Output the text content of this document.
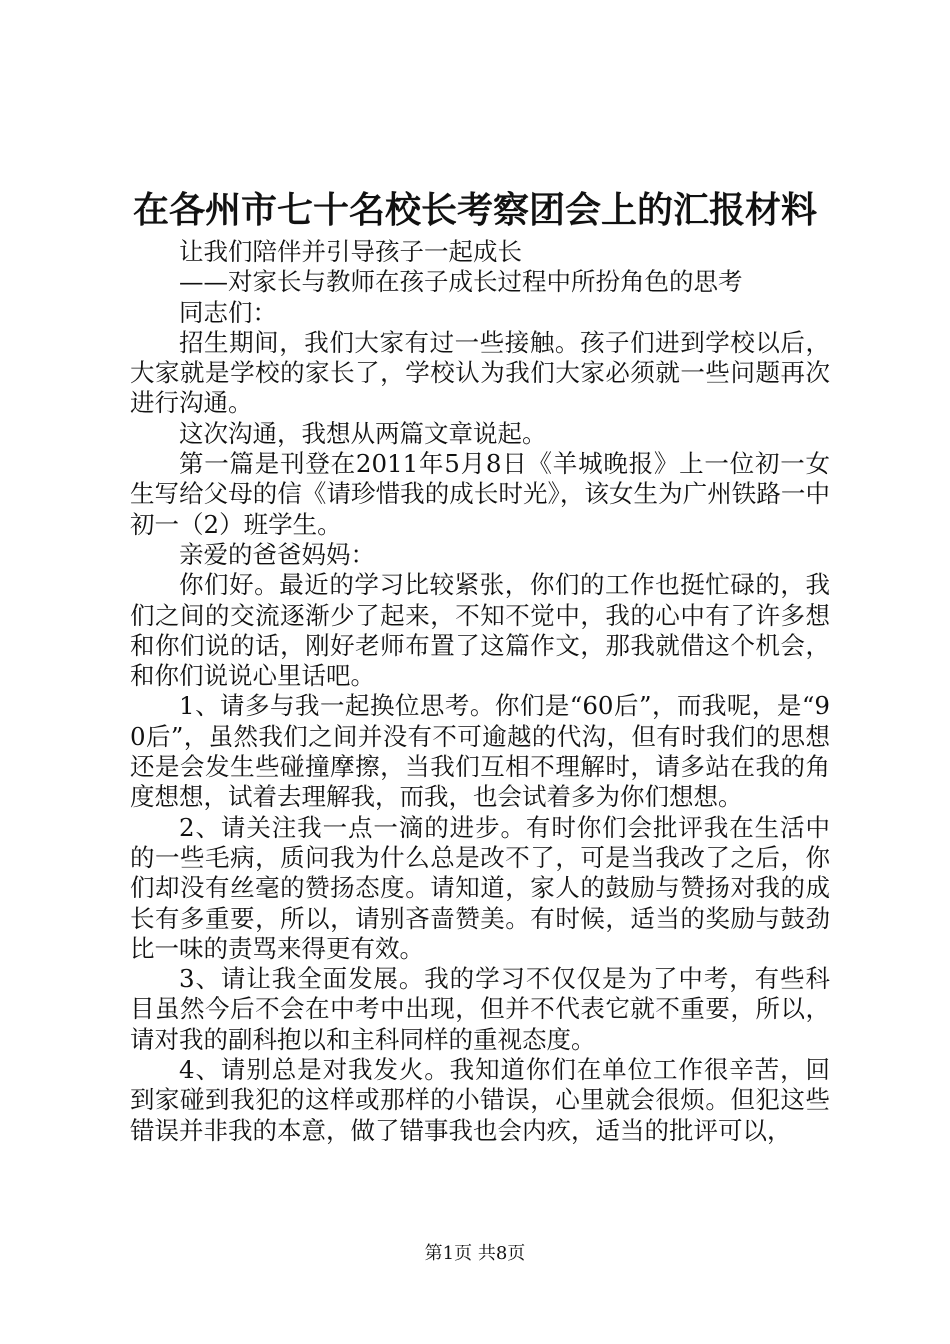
在各州市七十名校长考察团会上的汇报材料

让我们陪伴并引导孩子一起成长

——对家长与教师在孩子成长过程中所扮角色的思考

同志们：

招生期间，我们大家有过一些接触。孩子们进到学校以后，大家就是学校的家长了，学校认为我们大家必须就一些问题再次进行沟通。

这次沟通，我想从两篇文章说起。

第一篇是刊登在2011年5月8日《羊城晚报》上一位初一女生写给父母的信《请珍惜我的成长时光》，该女生为广州铁路一中初一（2）班学生。

亲爱的爸爸妈妈：

你们好。最近的学习比较紧张，你们的工作也挺忙碌的，我们之间的交流逐渐少了起来，不知不觉中，我的心中有了许多想和你们说的话，刚好老师布置了这篇作文，那我就借这个机会，和你们说说心里话吧。

1、请多与我一起换位思考。你们是“60后”，而我呢，是“90后”，虽然我们之间并没有不可逾越的代沟，但有时我们的思想还是会发生些碰撞摩擦，当我们互相不理解时，请多站在我的角度想想，试着去理解我，而我，也会试着多为你们想想。

2、请关注我一点一滴的进步。有时你们会批评我在生活中的一些毛病，质问我为什么总是改不了，可是当我改了之后，你们却没有丝毫的赞扬态度。请知道，家人的鼓励与赞扬对我的成长有多重要，所以，请别吝啬赞美。有时候，适当的奖励与鼓劲比一味的责骂来得更有效。

3、请让我全面发展。我的学习不仅仅是为了中考，有些科目虽然今后不会在中考中出现，但并不代表它就不重要，所以，请对我的副科抱以和主科同样的重视态度。

4、请别总是对我发火。我知道你们在单位工作很辛苦，回到家碰到我犯的这样或那样的小错误，心里就会很烦。但犯这些错误并非我的本意，做了错事我也会内疚，适当的批评可以，

第1页 共8页
